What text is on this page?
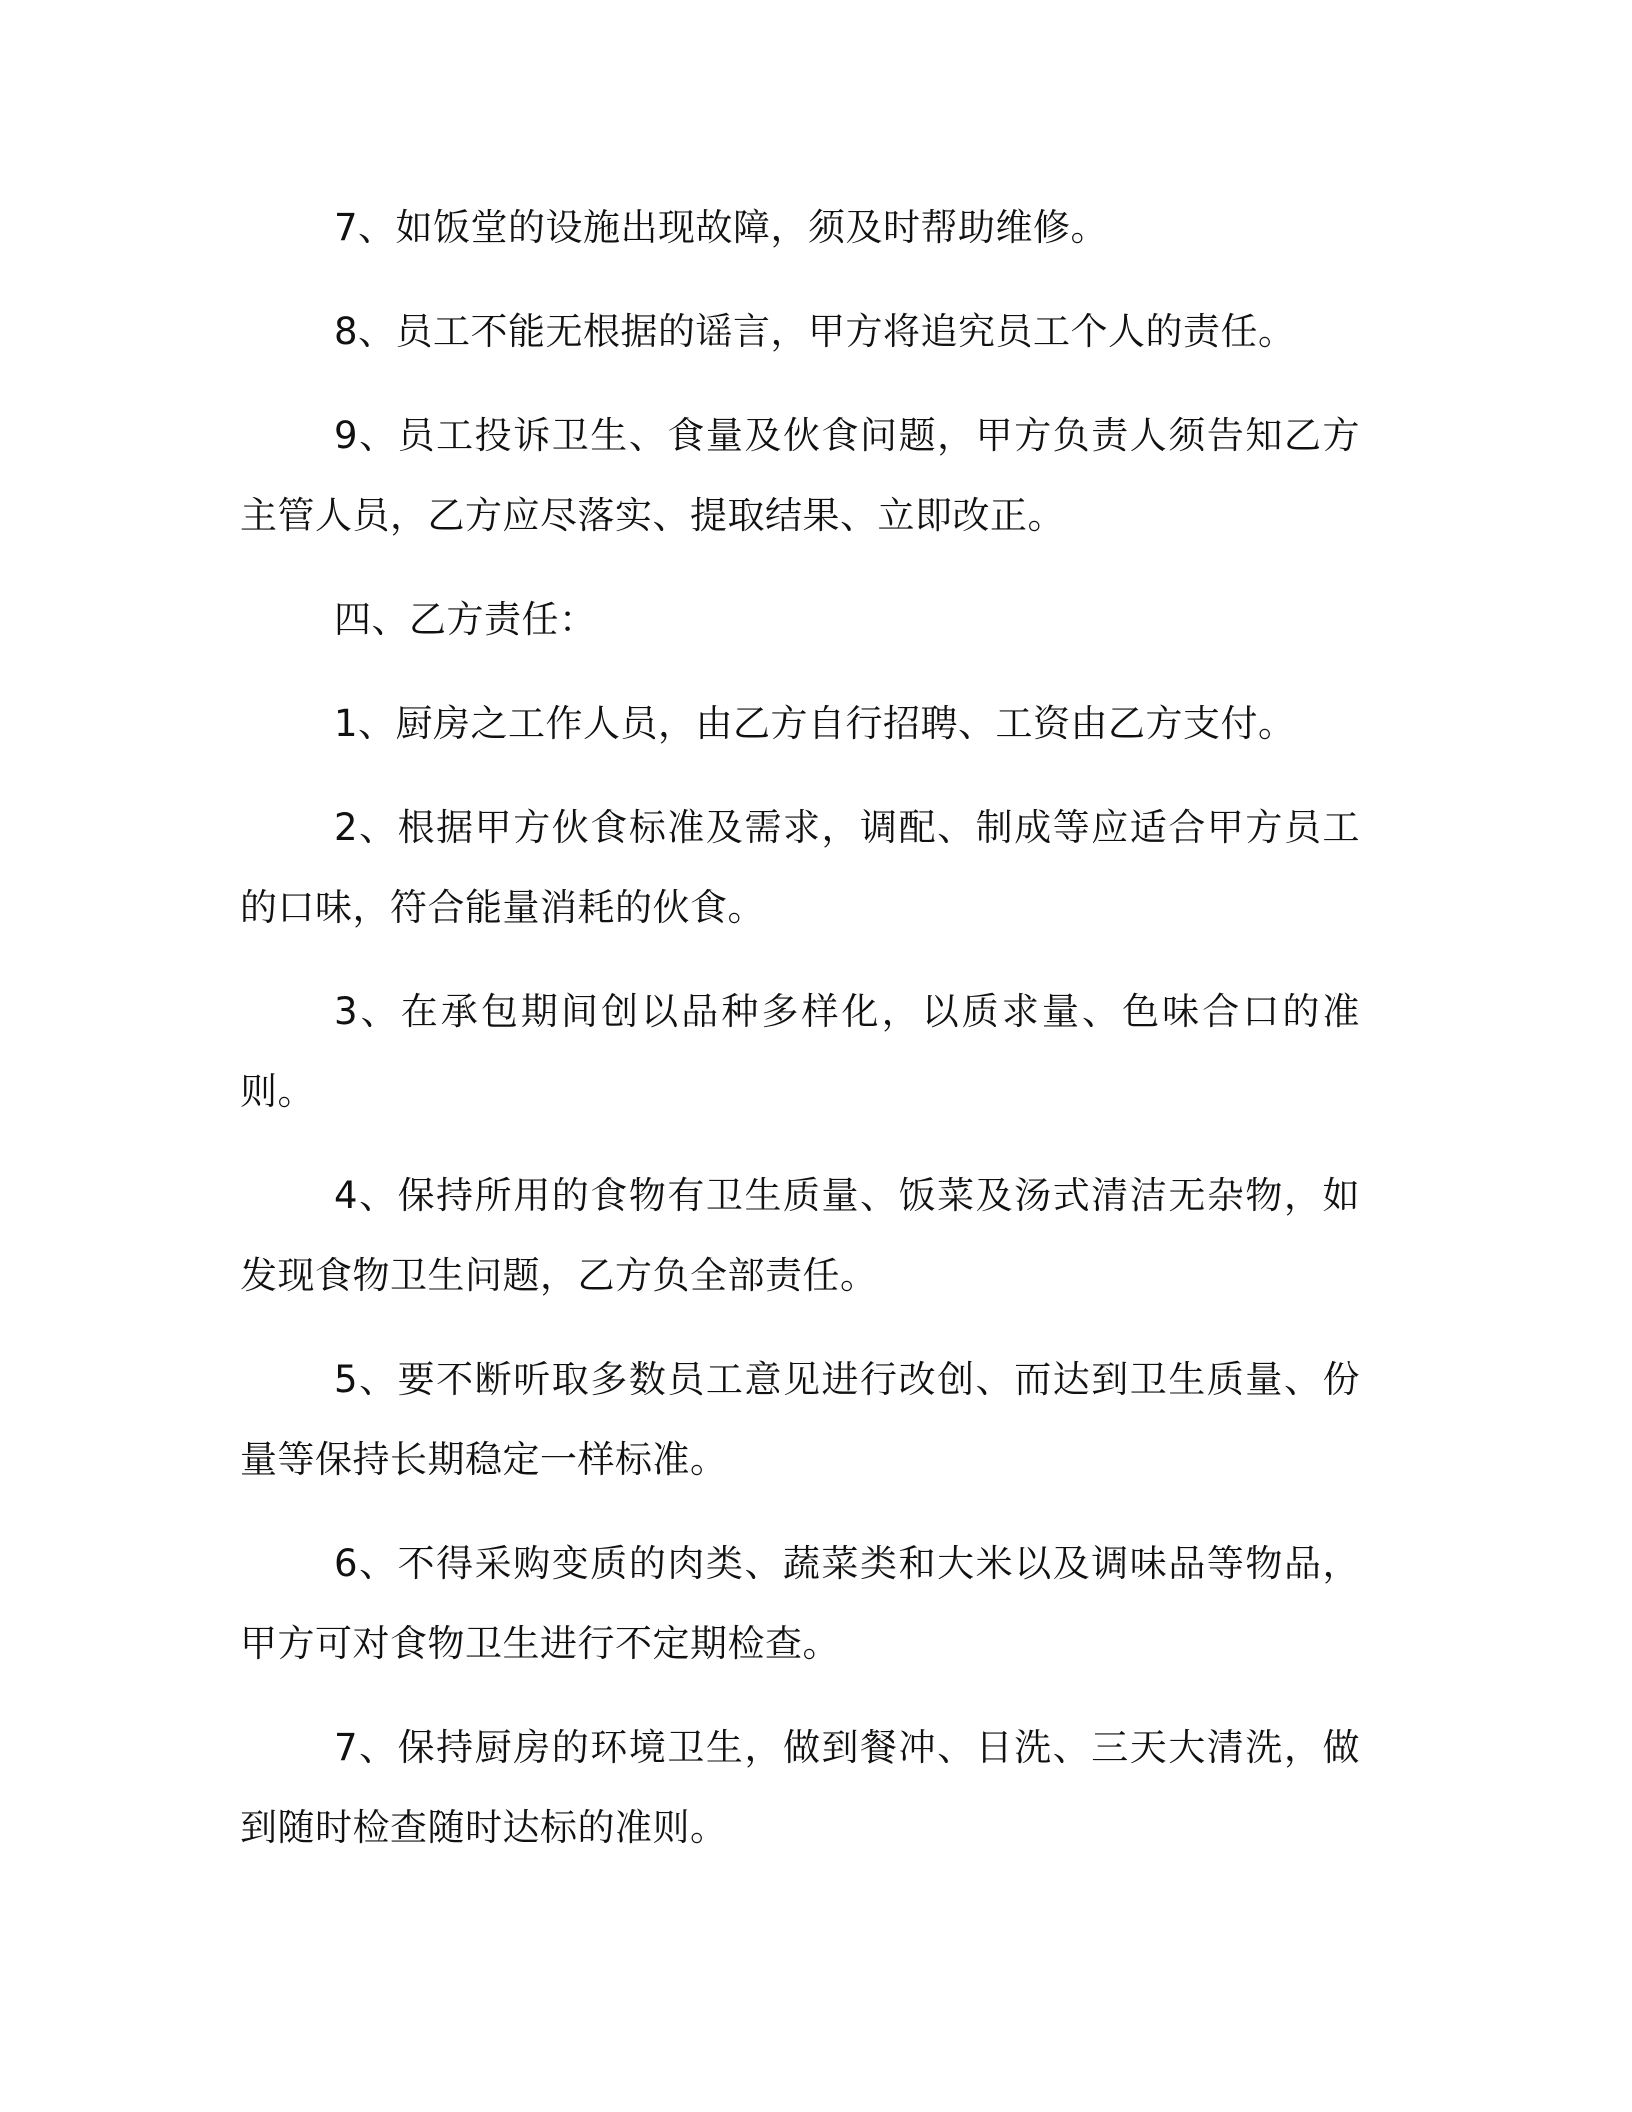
7、如饭堂的设施出现故障，须及时帮助维修。

8、员工不能无根据的谣言，甲方将追究员工个人的责任。

9、员工投诉卫生、食量及伙食问题，甲方负责人须告知乙方主管人员，乙方应尽落实、提取结果、立即改正。

四、乙方责任：

1、厨房之工作人员，由乙方自行招聘、工资由乙方支付。

2、根据甲方伙食标准及需求，调配、制成等应适合甲方员工的口味，符合能量消耗的伙食。

3、在承包期间创以品种多样化，以质求量、色味合口的准则。

4、保持所用的食物有卫生质量、饭菜及汤式清洁无杂物，如发现食物卫生问题，乙方负全部责任。

5、要不断听取多数员工意见进行改创、而达到卫生质量、份量等保持长期稳定一样标准。

6、不得采购变质的肉类、蔬菜类和大米以及调味品等物品，甲方可对食物卫生进行不定期检查。

7、保持厨房的环境卫生，做到餐冲、日洗、三天大清洗，做到随时检查随时达标的准则。
